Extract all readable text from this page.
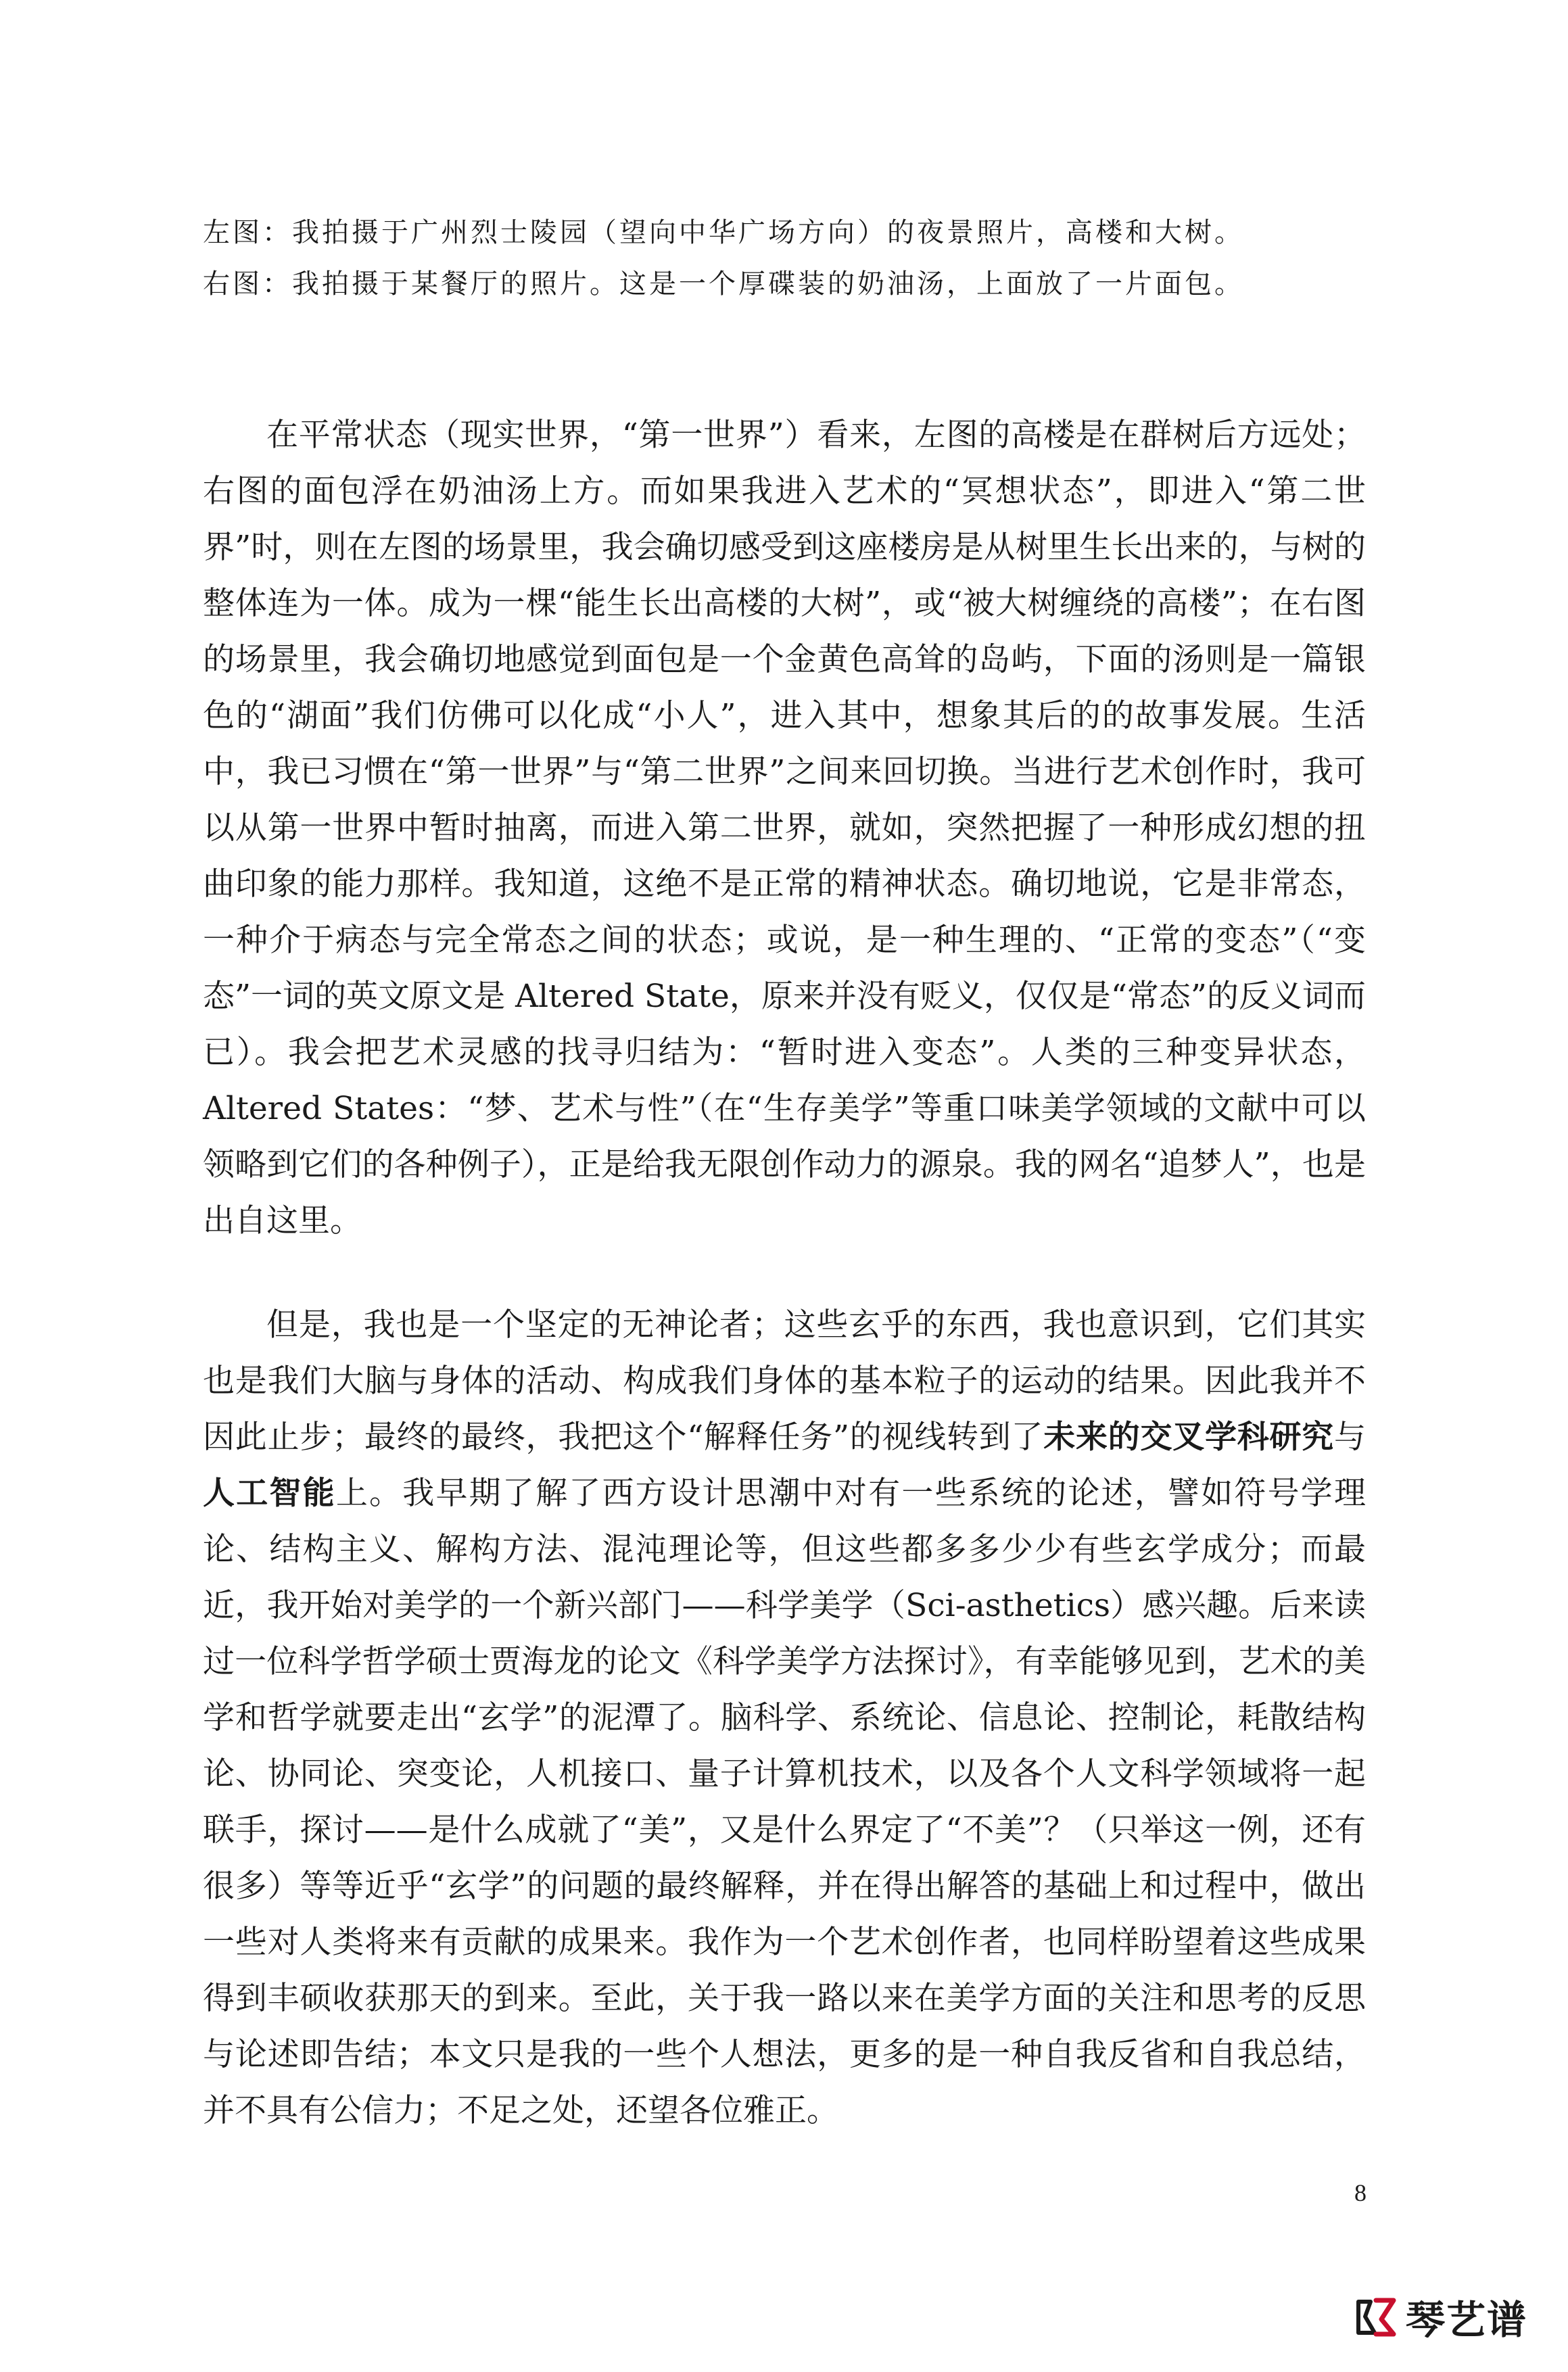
左图：我拍摄于广州烈士陵园（望向中华广场方向）的夜景照片，高楼和大树。
右图：我拍摄于某餐厅的照片。这是一个厚碟装的奶油汤，上面放了一片面包。

在平常状态（现实世界，“第一世界”）看来，左图的高楼是在群树后方远处；右图的面包浮在奶油汤上方。而如果我进入艺术的“冥想状态”，即进入“第二世界”时，则在左图的场景里，我会确切感受到这座楼房是从树里生长出来的，与树的整体连为一体。成为一棵“能生长出高楼的大树”，或“被大树缠绕的高楼”；在右图的场景里，我会确切地感觉到面包是一个金黄色高耸的岛屿，下面的汤则是一篇银色的“湖面”我们仿佛可以化成“小人”，进入其中，想象其后的的故事发展。生活中，我已习惯在“第一世界”与“第二世界”之间来回切换。当进行艺术创作时，我可以从第一世界中暂时抽离，而进入第二世界，就如，突然把握了一种形成幻想的扭曲印象的能力那样。我知道，这绝不是正常的精神状态。确切地说，它是非常态，一种介于病态与完全常态之间的状态；或说，是一种生理的、“正常的变态”（“变态”一词的英文原文是 Altered State，原来并没有贬义，仅仅是“常态”的反义词而已）。我会把艺术灵感的找寻归结为：“暂时进入变态”。人类的三种变异状态，Altered States：“梦、艺术与性”（在“生存美学”等重口味美学领域的文献中可以领略到它们的各种例子），正是给我无限创作动力的源泉。我的网名“追梦人”，也是出自这里。

但是，我也是一个坚定的无神论者；这些玄乎的东西，我也意识到，它们其实也是我们大脑与身体的活动、构成我们身体的基本粒子的运动的结果。因此我并不因此止步；最终的最终，我把这个“解释任务”的视线转到了未来的交叉学科研究与人工智能上。我早期了解了西方设计思潮中对有一些系统的论述，譬如符号学理论、结构主义、解构方法、混沌理论等，但这些都多多少少有些玄学成分；而最近，我开始对美学的一个新兴部门——科学美学（Sci-asthetics）感兴趣。后来读过一位科学哲学硕士贾海龙的论文《科学美学方法探讨》，有幸能够见到，艺术的美学和哲学就要走出“玄学”的泥潭了。脑科学、系统论、信息论、控制论，耗散结构论、协同论、突变论，人机接口、量子计算机技术，以及各个人文科学领域将一起联手，探讨——是什么成就了“美”，又是什么界定了“不美”？（只举这一例，还有很多）等等近乎“玄学”的问题的最终解释，并在得出解答的基础上和过程中，做出一些对人类将来有贡献的成果来。我作为一个艺术创作者，也同样盼望着这些成果得到丰硕收获那天的到来。至此，关于我一路以来在美学方面的关注和思考的反思与论述即告结；本文只是我的一些个人想法，更多的是一种自我反省和自我总结，并不具有公信力；不足之处，还望各位雅正。

8
琴艺谱
